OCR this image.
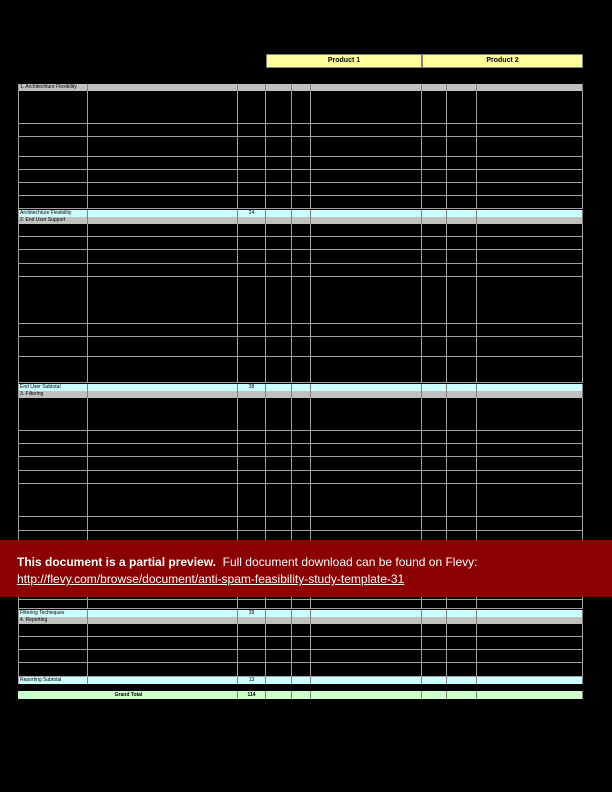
Product 1	Product 2
1. Architechture Flexibility
Architechture Flexibility	24
2. End User Support
End User Subtotal	38
3. Filtering
Filtering Techniques	39
4. Reporting
Reporting Subtotal	13
Grand Total	114
This document is a partial preview. Full document download can be found on Flevy:
http://flevy.com/browse/document/anti-spam-feasibility-study-template-31
